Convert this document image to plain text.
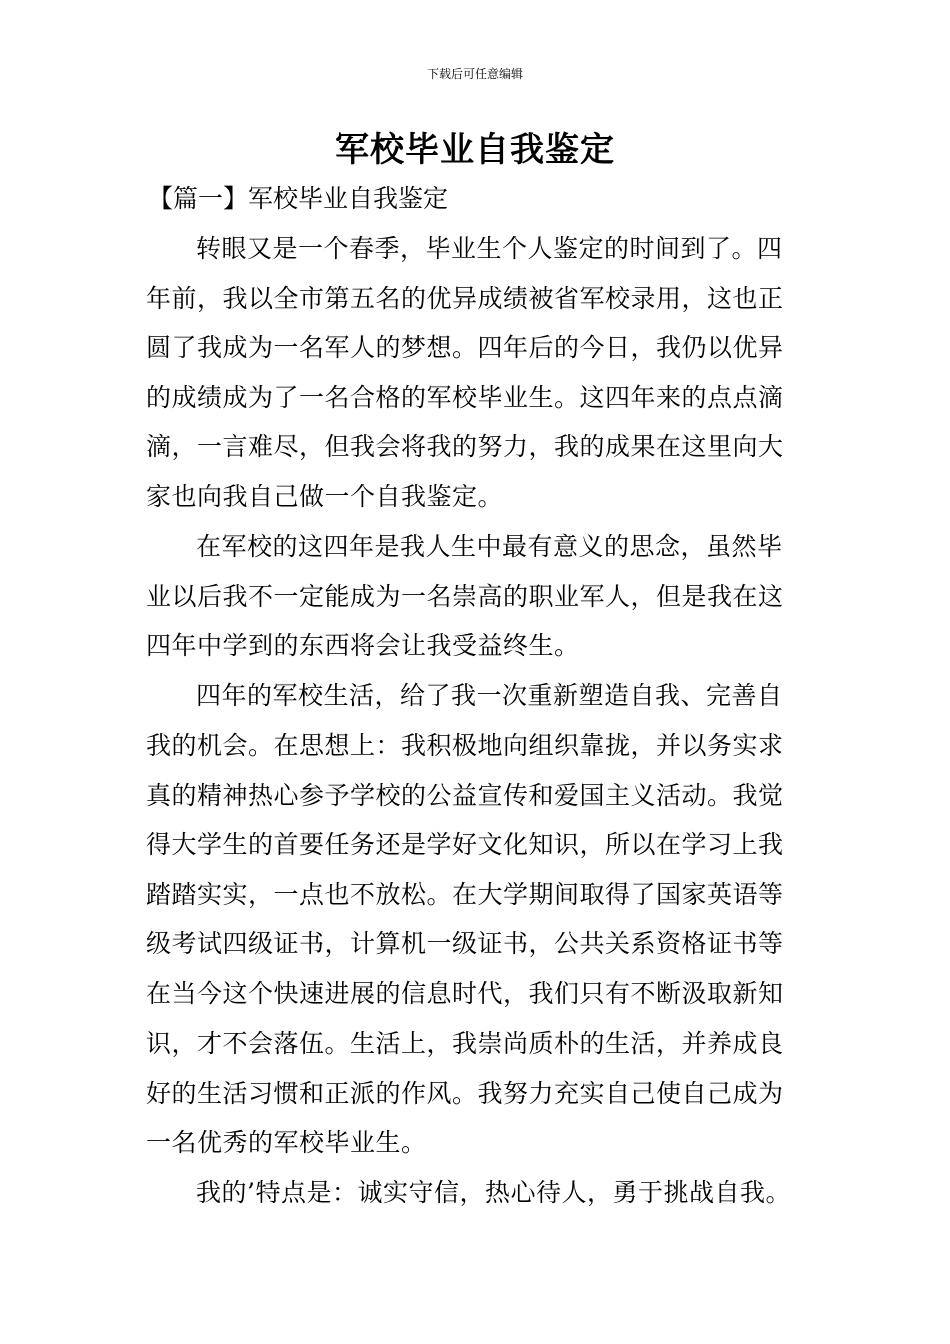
下载后可任意编辑
军校毕业自我鉴定
【篇一】军校毕业自我鉴定
转眼又是一个春季，毕业生个人鉴定的时间到了。四
年前，我以全市第五名的优异成绩被省军校录用，这也正
圆了我成为一名军人的梦想。四年后的今日，我仍以优异
的成绩成为了一名合格的军校毕业生。这四年来的点点滴
滴，一言难尽，但我会将我的努力，我的成果在这里向大
家也向我自己做一个自我鉴定。
在军校的这四年是我人生中最有意义的思念，虽然毕
业以后我不一定能成为一名崇高的职业军人，但是我在这
四年中学到的东西将会让我受益终生。
四年的军校生活，给了我一次重新塑造自我、完善自
我的机会。在思想上：我积极地向组织靠拢，并以务实求
真的精神热心参予学校的公益宣传和爱国主义活动。我觉
得大学生的首要任务还是学好文化知识，所以在学习上我
踏踏实实，一点也不放松。在大学期间取得了国家英语等
级考试四级证书，计算机一级证书，公共关系资格证书等
在当今这个快速进展的信息时代，我们只有不断汲取新知
识，才不会落伍。生活上，我崇尚质朴的生活，并养成良
好的生活习惯和正派的作风。我努力充实自己使自己成为
一名优秀的军校毕业生。
我的’特点是：诚实守信，热心待人，勇于挑战自我。
